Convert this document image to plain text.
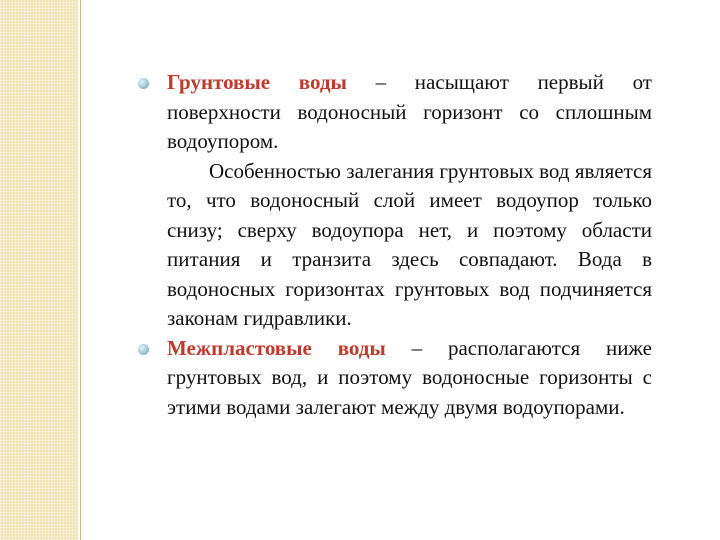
Грунтовые воды – насыщают первый от поверхности водоносный горизонт со сплошным водоупором.
Особенностью залегания грунтовых вод является то, что водоносный слой имеет водоупор только снизу; сверху водоупора нет, и поэтому области питания и транзита здесь совпадают. Вода в водоносных горизонтах грунтовых вод подчиняется законам гидравлики.
Межпластовые воды – располагаются ниже грунтовых вод, и поэтому водоносные горизонты с этими водами залегают между двумя водоупорами.
